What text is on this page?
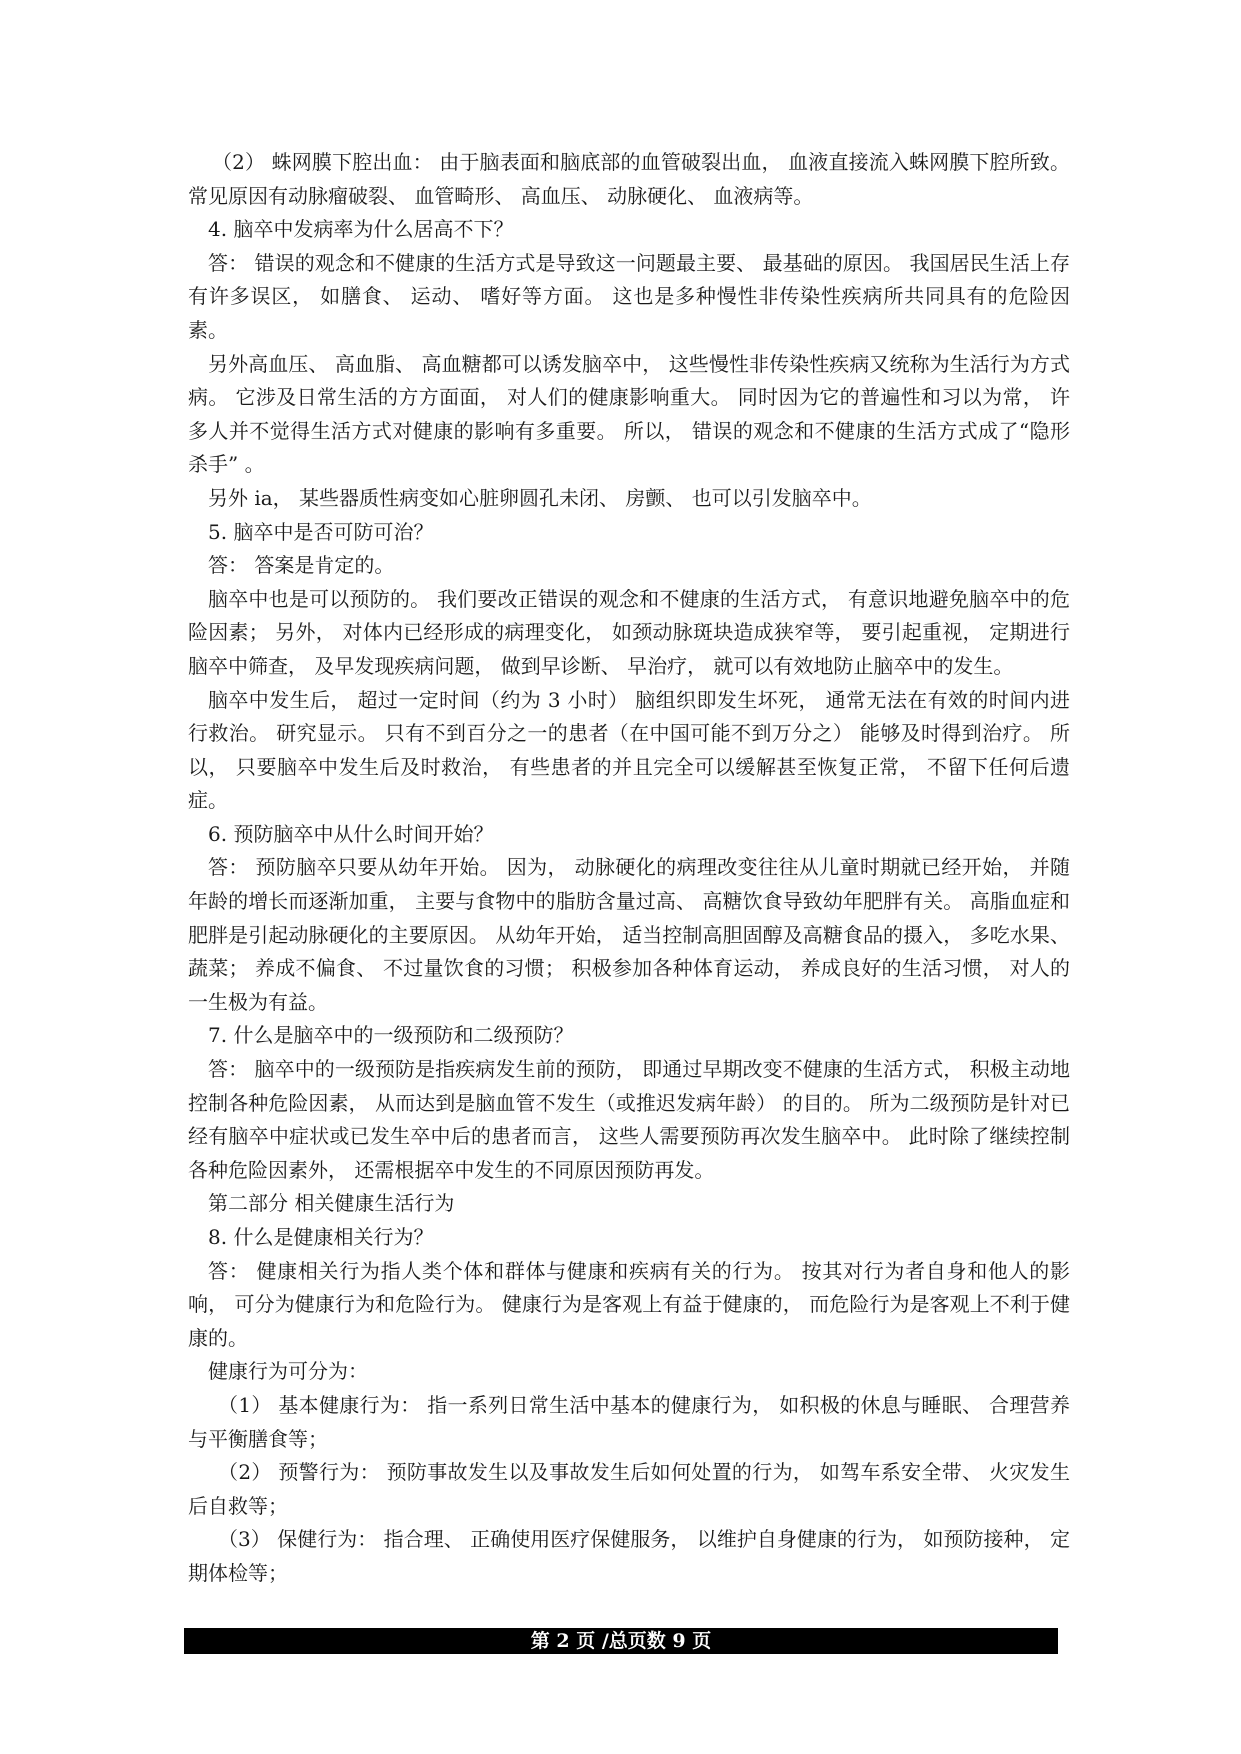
（2） 蛛网膜下腔出血： 由于脑表面和脑底部的血管破裂出血， 血液直接流入蛛网膜下腔所致。 常见原因有动脉瘤破裂、 血管畸形、 高血压、 动脉硬化、 血液病等。

4. 脑卒中发病率为什么居高不下？

答： 错误的观念和不健康的生活方式是导致这一问题最主要、 最基础的原因。 我国居民生活上存有许多误区， 如膳食、 运动、 嗜好等方面。 这也是多种慢性非传染性疾病所共同具有的危险因素。

另外高血压、 高血脂、 高血糖都可以诱发脑卒中， 这些慢性非传染性疾病又统称为生活行为方式病。 它涉及日常生活的方方面面， 对人们的健康影响重大。 同时因为它的普遍性和习以为常， 许多人并不觉得生活方式对健康的影响有多重要。 所以， 错误的观念和不健康的生活方式成了“隐形杀手” 。

另外 ia， 某些器质性病变如心脏卵圆孔未闭、 房颤、 也可以引发脑卒中。

5. 脑卒中是否可防可治？

答： 答案是肯定的。

脑卒中也是可以预防的。 我们要改正错误的观念和不健康的生活方式， 有意识地避免脑卒中的危险因素； 另外， 对体内已经形成的病理变化， 如颈动脉斑块造成狭窄等， 要引起重视， 定期进行脑卒中筛查， 及早发现疾病问题， 做到早诊断、 早治疗， 就可以有效地防止脑卒中的发生。

脑卒中发生后， 超过一定时间（约为 3 小时） 脑组织即发生坏死， 通常无法在有效的时间内进行救治。 研究显示。 只有不到百分之一的患者（在中国可能不到万分之） 能够及时得到治疗。 所以， 只要脑卒中发生后及时救治， 有些患者的并且完全可以缓解甚至恢复正常， 不留下任何后遗症。

6. 预防脑卒中从什么时间开始？

答： 预防脑卒只要从幼年开始。 因为， 动脉硬化的病理改变往往从儿童时期就已经开始， 并随年龄的增长而逐渐加重， 主要与食物中的脂肪含量过高、 高糖饮食导致幼年肥胖有关。 高脂血症和肥胖是引起动脉硬化的主要原因。 从幼年开始， 适当控制高胆固醇及高糖食品的摄入， 多吃水果、 蔬菜； 养成不偏食、 不过量饮食的习惯； 积极参加各种体育运动， 养成良好的生活习惯， 对人的一生极为有益。

7. 什么是脑卒中的一级预防和二级预防？

答： 脑卒中的一级预防是指疾病发生前的预防， 即通过早期改变不健康的生活方式， 积极主动地控制各种危险因素， 从而达到是脑血管不发生（或推迟发病年龄） 的目的。 所为二级预防是针对已经有脑卒中症状或已发生卒中后的患者而言， 这些人需要预防再次发生脑卒中。 此时除了继续控制各种危险因素外， 还需根据卒中发生的不同原因预防再发。

第二部分 相关健康生活行为

8. 什么是健康相关行为？

答： 健康相关行为指人类个体和群体与健康和疾病有关的行为。 按其对行为者自身和他人的影响， 可分为健康行为和危险行为。 健康行为是客观上有益于健康的， 而危险行为是客观上不利于健康的。

健康行为可分为：

（1） 基本健康行为： 指一系列日常生活中基本的健康行为， 如积极的休息与睡眠、 合理营养与平衡膳食等；

（2） 预警行为： 预防事故发生以及事故发生后如何处置的行为， 如驾车系安全带、 火灾发生后自救等；

（3） 保健行为： 指合理、 正确使用医疗保健服务， 以维护自身健康的行为， 如预防接种， 定期体检等；

第 2 页 /总页数 9 页
